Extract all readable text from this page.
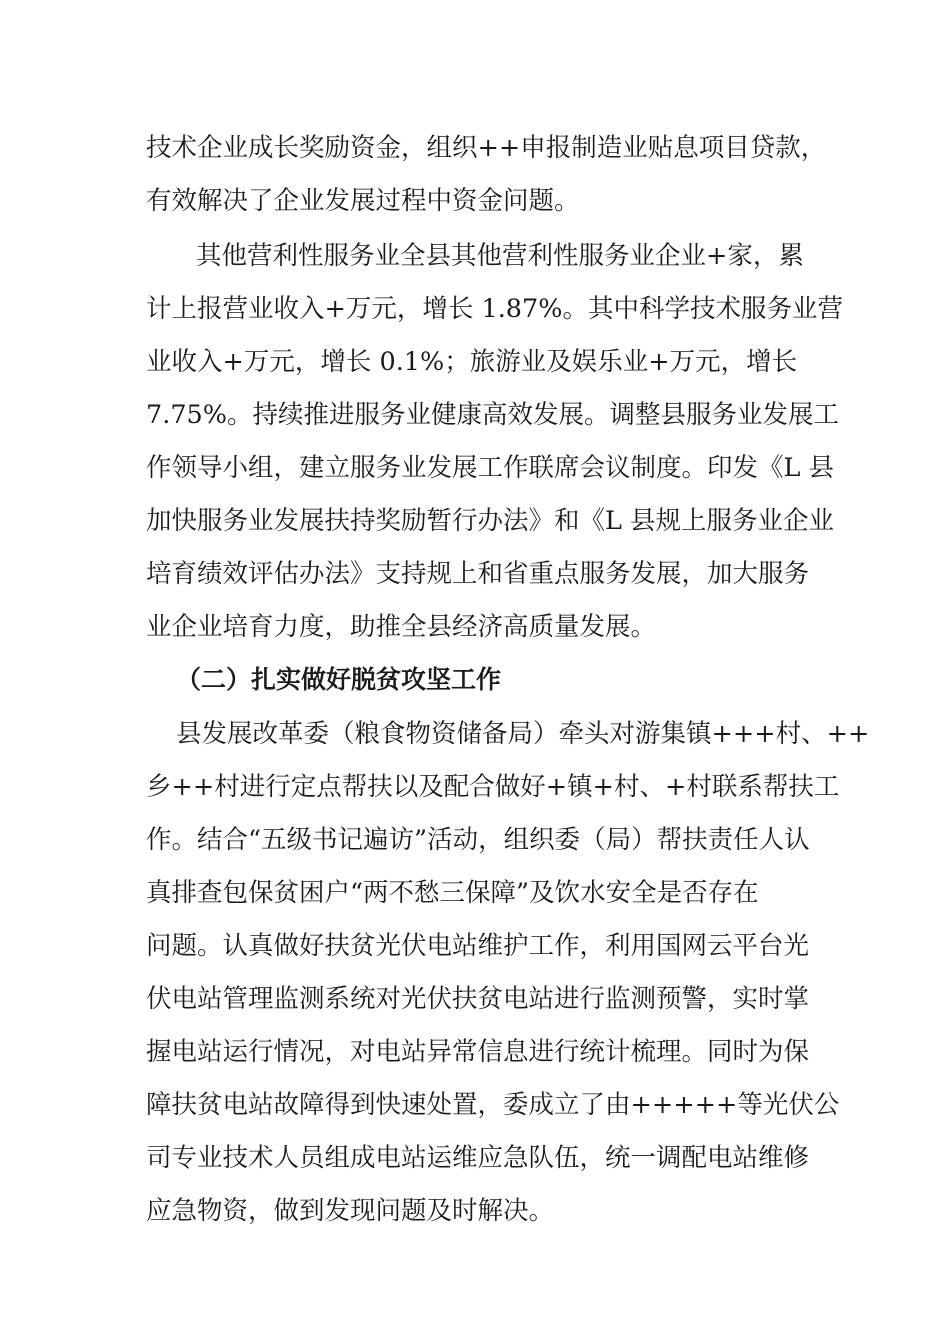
技术企业成长奖励资金，组织++申报制造业贴息项目贷款，
有效解决了企业发展过程中资金问题。
其他营利性服务业全县其他营利性服务业企业+家，累
计上报营业收入+万元，增长 1.87%。其中科学技术服务业营
业收入+万元，增长 0.1%；旅游业及娱乐业+万元，增长
7.75%。持续推进服务业健康高效发展。调整县服务业发展工
作领导小组，建立服务业发展工作联席会议制度。印发《L 县
加快服务业发展扶持奖励暂行办法》和《L 县规上服务业企业
培育绩效评估办法》支持规上和省重点服务发展，加大服务
业企业培育力度，助推全县经济高质量发展。
（二）扎实做好脱贫攻坚工作
县发展改革委（粮食物资储备局）牵头对游集镇+++村、++
乡++村进行定点帮扶以及配合做好+镇+村、+村联系帮扶工
作。结合“五级书记遍访”活动，组织委（局）帮扶责任人认
真排查包保贫困户“两不愁三保障”及饮水安全是否存在
问题。认真做好扶贫光伏电站维护工作，利用国网云平台光
伏电站管理监测系统对光伏扶贫电站进行监测预警，实时掌
握电站运行情况，对电站异常信息进行统计梳理。同时为保
障扶贫电站故障得到快速处置，委成立了由+++++等光伏公
司专业技术人员组成电站运维应急队伍，统一调配电站维修
应急物资，做到发现问题及时解决。
